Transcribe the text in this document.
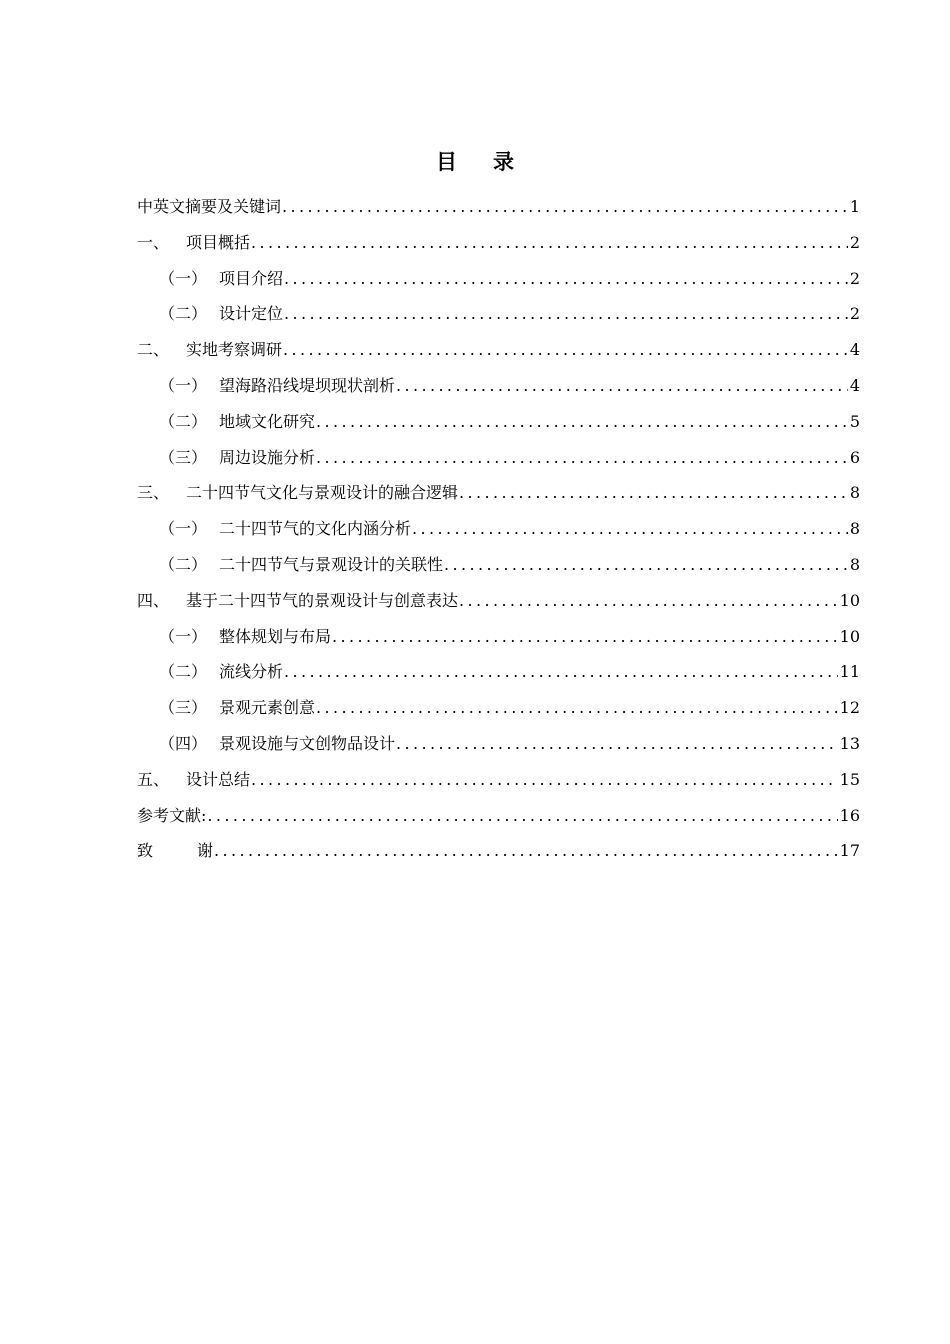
目 录
中英文摘要及关键词 .....	1
一、	项目概括 .....	2
（一） 项目介绍 .....	2
（二） 设计定位 .....	2
二、	实地考察调研 .....	4
（一） 望海路沿线堤坝现状剖析 .....	4
（二） 地域文化研究 .....	5
（三） 周边设施分析 .....	6
三、	二十四节气文化与景观设计的融合逻辑 .....	8
（一） 二十四节气的文化内涵分析 .....	8
（二） 二十四节气与景观设计的关联性 .....	8
四、	基于二十四节气的景观设计与创意表达 .....	10
（一） 整体规划与布局 .....	10
（二） 流线分析 .....	11
（三） 景观元素创意 .....	12
（四） 景观设施与文创物品设计 .....	13
五、	设计总结 .....	15
参考文献: .....	16
致	谢 .....	17
